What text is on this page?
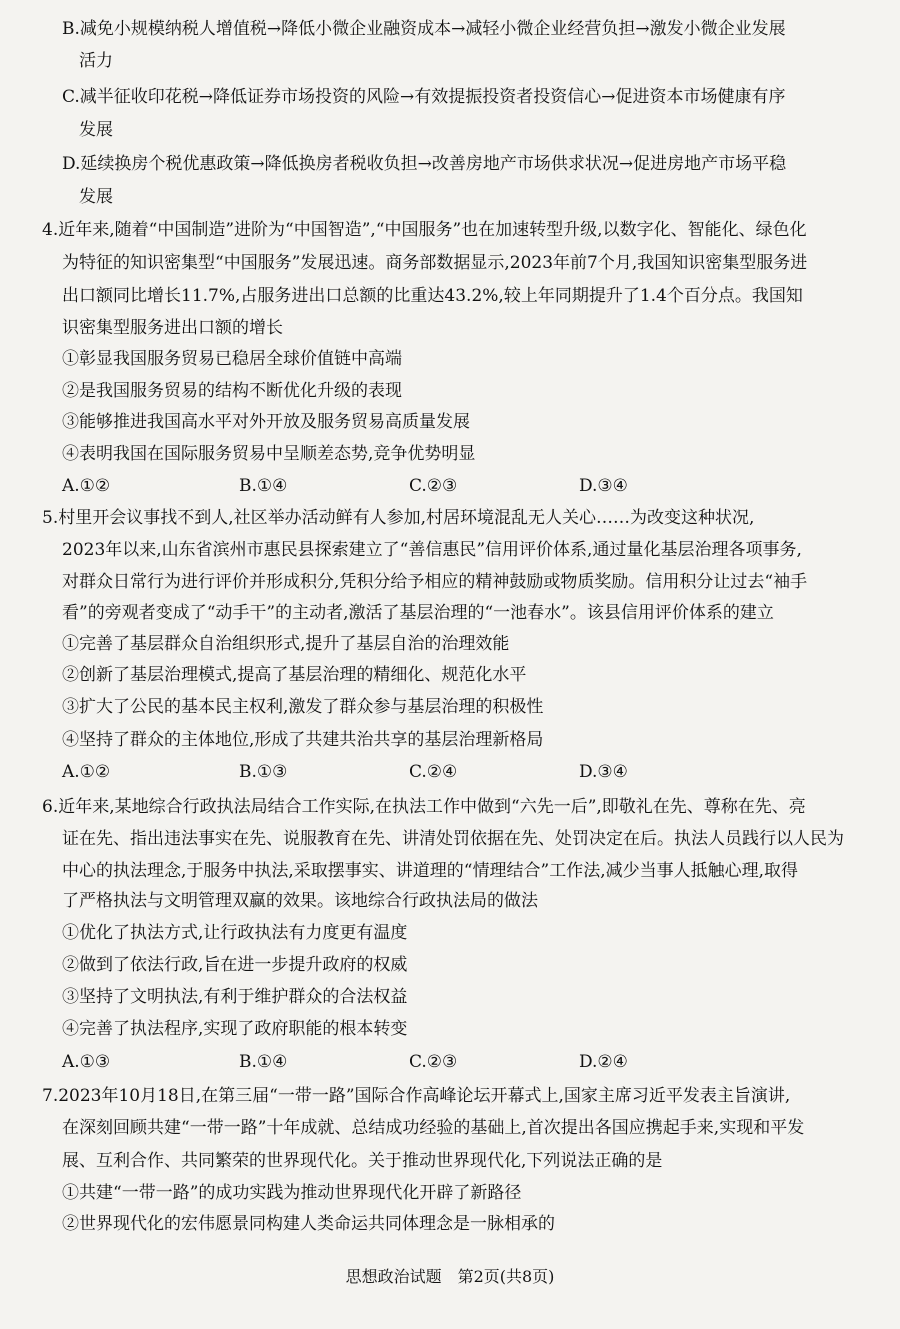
B.减免小规模纳税人增值税→降低小微企业融资成本→减轻小微企业经营负担→激发小微企业发展
活力
C.减半征收印花税→降低证券市场投资的风险→有效提振投资者投资信心→促进资本市场健康有序
发展
D.延续换房个税优惠政策→降低换房者税收负担→改善房地产市场供求状况→促进房地产市场平稳
发展
4.近年来,随着“中国制造”进阶为“中国智造”,“中国服务”也在加速转型升级,以数字化、智能化、绿色化
为特征的知识密集型“中国服务”发展迅速。商务部数据显示,2023年前7个月,我国知识密集型服务进
出口额同比增长11.7%,占服务进出口总额的比重达43.2%,较上年同期提升了1.4个百分点。我国知
识密集型服务进出口额的增长
①彰显我国服务贸易已稳居全球价值链中高端
②是我国服务贸易的结构不断优化升级的表现
③能够推进我国高水平对外开放及服务贸易高质量发展
④表明我国在国际服务贸易中呈顺差态势,竞争优势明显
A.①②	B.①④	C.②③	D.③④
5.村里开会议事找不到人,社区举办活动鲜有人参加,村居环境混乱无人关心……为改变这种状况,
2023年以来,山东省滨州市惠民县探索建立了“善信惠民”信用评价体系,通过量化基层治理各项事务,
对群众日常行为进行评价并形成积分,凭积分给予相应的精神鼓励或物质奖励。信用积分让过去“袖手
看”的旁观者变成了“动手干”的主动者,激活了基层治理的“一池春水”。该县信用评价体系的建立
①完善了基层群众自治组织形式,提升了基层自治的治理效能
②创新了基层治理模式,提高了基层治理的精细化、规范化水平
③扩大了公民的基本民主权利,激发了群众参与基层治理的积极性
④坚持了群众的主体地位,形成了共建共治共享的基层治理新格局
A.①②	B.①③	C.②④	D.③④
6.近年来,某地综合行政执法局结合工作实际,在执法工作中做到“六先一后”,即敬礼在先、尊称在先、亮
证在先、指出违法事实在先、说服教育在先、讲清处罚依据在先、处罚决定在后。执法人员践行以人民为
中心的执法理念,于服务中执法,采取摆事实、讲道理的“情理结合”工作法,减少当事人抵触心理,取得
了严格执法与文明管理双赢的效果。该地综合行政执法局的做法
①优化了执法方式,让行政执法有力度更有温度
②做到了依法行政,旨在进一步提升政府的权威
③坚持了文明执法,有利于维护群众的合法权益
④完善了执法程序,实现了政府职能的根本转变
A.①③	B.①④	C.②③	D.②④
7.2023年10月18日,在第三届“一带一路”国际合作高峰论坛开幕式上,国家主席习近平发表主旨演讲,
在深刻回顾共建“一带一路”十年成就、总结成功经验的基础上,首次提出各国应携起手来,实现和平发
展、互利合作、共同繁荣的世界现代化。关于推动世界现代化,下列说法正确的是
①共建“一带一路”的成功实践为推动世界现代化开辟了新路径
②世界现代化的宏伟愿景同构建人类命运共同体理念是一脉相承的
思想政治试题　第2页(共8页)
